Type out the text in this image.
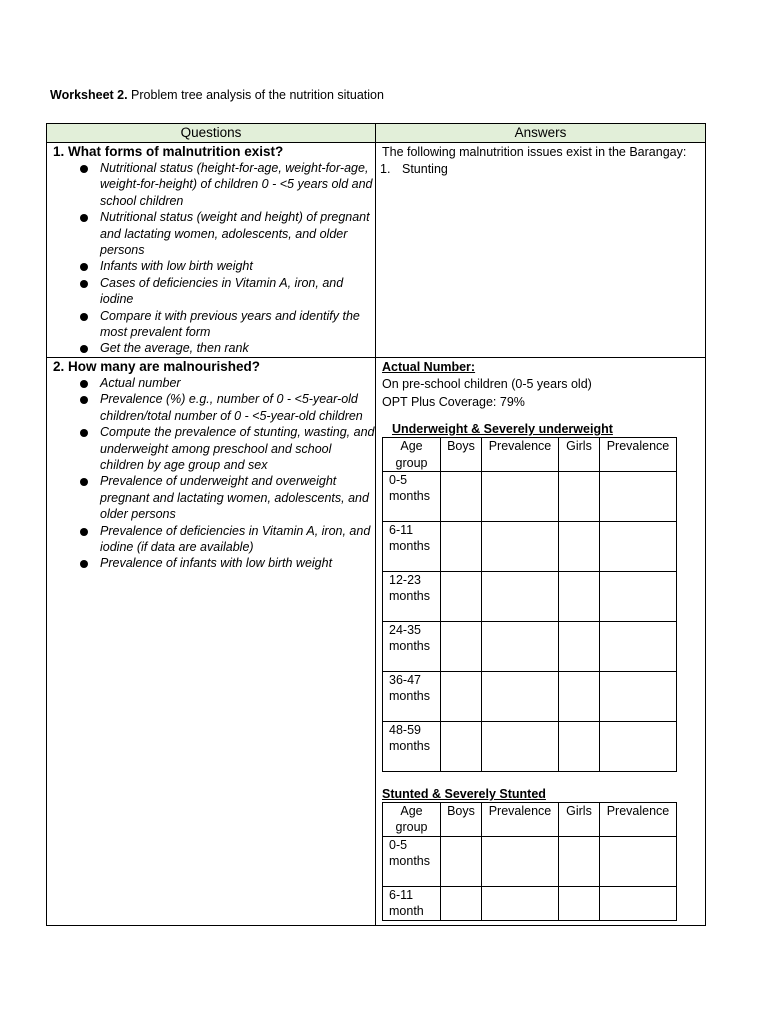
Worksheet 2. Problem tree analysis of the nutrition situation
Questions	Answers

1. What forms of malnutrition exist?
Nutritional status (height-for-age, weight-for-age, weight-for-height) of children 0 - <5 years old and school children
Nutritional status (weight and height) of pregnant and lactating women, adolescents, and older persons
Infants with low birth weight
Cases of deficiencies in Vitamin A, iron, and iodine
Compare it with previous years and identify the most prevalent form
Get the average, then rank

The following malnutrition issues exist in the Barangay:
1. Stunting

2. How many are malnourished?
Actual number
Prevalence (%) e.g., number of 0 - <5-year-old children/total number of 0 - <5-year-old children
Compute the prevalence of stunting, wasting, and underweight among preschool and school children by age group and sex
Prevalence of underweight and overweight pregnant and lactating women, adolescents, and older persons
Prevalence of deficiencies in Vitamin A, iron, and iodine (if data are available)
Prevalence of infants with low birth weight

Actual Number:
On pre-school children (0-5 years old)
OPT Plus Coverage: 79%
Underweight & Severely underweight
Age group	Boys	Prevalence	Girls	Prevalence
0-5 months				
6-11 months				
12-23 months				
24-35 months				
36-47 months				
48-59 months				
Stunted & Severely Stunted
Age group	Boys	Prevalence	Girls	Prevalence
0-5 months				
6-11 month				
